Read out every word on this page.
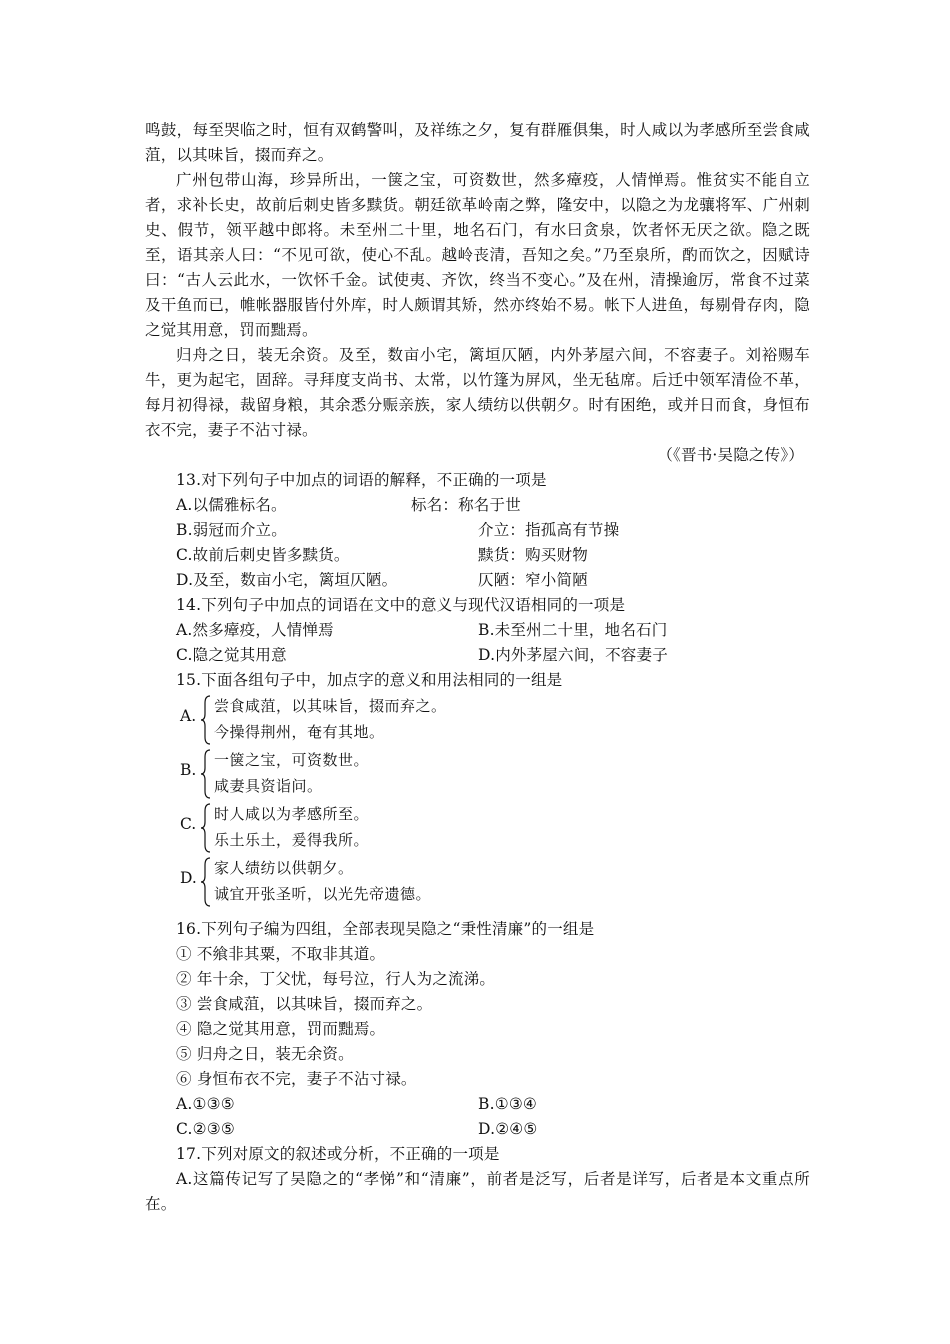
鸣鼓，每至哭临之时，恒有双鹤警叫，及祥练之夕，复有群雁俱集，时人咸以为孝感所至尝食咸菹，以其味旨，掇而弃之。

广州包带山海，珍异所出，一箧之宝，可资数世，然多瘴疫，人情惮焉。惟贫实不能自立者，求补长史，故前后刺史皆多黩货。朝廷欲革岭南之弊，隆安中，以隐之为龙骧将军、广州刺史、假节，领平越中郎将。未至州二十里，地名石门，有水曰贪泉，饮者怀无厌之欲。隐之既至，语其亲人曰：“不见可欲，使心不乱。越岭丧清，吾知之矣。”乃至泉所，酌而饮之，因赋诗曰：“古人云此水，一饮怀千金。试使夷、齐饮，终当不变心。”及在州，清操逾厉，常食不过菜及干鱼而已，帷帐器服皆付外库，时人颇谓其矫，然亦终始不易。帐下人进鱼，每剔骨存肉，隐之觉其用意，罚而黜焉。

归舟之日，装无余资。及至，数亩小宅，篱垣仄陋，内外茅屋六间，不容妻子。刘裕赐车牛，更为起宅，固辞。寻拜度支尚书、太常，以竹篷为屏风，坐无毡席。后迁中领军清俭不革，每月初得禄，裁留身粮，其余悉分赈亲族，家人绩纺以供朝夕。时有困绝，或并日而食，身恒布衣不完，妻子不沾寸禄。

（《晋书·吴隐之传》）

13.对下列句子中加点的词语的解释，不正确的一项是

A.以儒雅标名。	标名：称名于世

B.弱冠而介立。	介立：指孤高有节操

C.故前后刺史皆多黩货。	黩货：购买财物

D.及至，数亩小宅，篱垣仄陋。	仄陋：窄小简陋

14.下列句子中加点的词语在文中的意义与现代汉语相同的一项是

A.然多瘴疫，人情惮焉	B.未至州二十里，地名石门

C.隐之觉其用意	D.内外茅屋六间，不容妻子

15.下面各组句子中，加点字的意义和用法相同的一组是

A.
尝食咸菹，以其味旨，掇而弃之。
今操得荆州，奄有其地。
B.
一箧之宝，可资数世。
咸妻具资诣问。
C.
时人咸以为孝感所至。
乐土乐土，爰得我所。
D.
家人绩纺以供朝夕。
诚宜开张圣听，以光先帝遗德。

16.下列句子编为四组，全部表现吴隐之“秉性清廉”的一组是

① 不飨非其粟，不取非其道。

② 年十余，丁父忧，每号泣，行人为之流涕。

③ 尝食咸菹，以其味旨，掇而弃之。

④ 隐之觉其用意，罚而黜焉。

⑤ 归舟之日，装无余资。

⑥ 身恒布衣不完，妻子不沾寸禄。

A.①③⑤	B.①③④

C.②③⑤	D.②④⑤

17.下列对原文的叙述或分析，不正确的一项是

A.这篇传记写了吴隐之的“孝悌”和“清廉”，前者是泛写，后者是详写，后者是本文重点所在。
